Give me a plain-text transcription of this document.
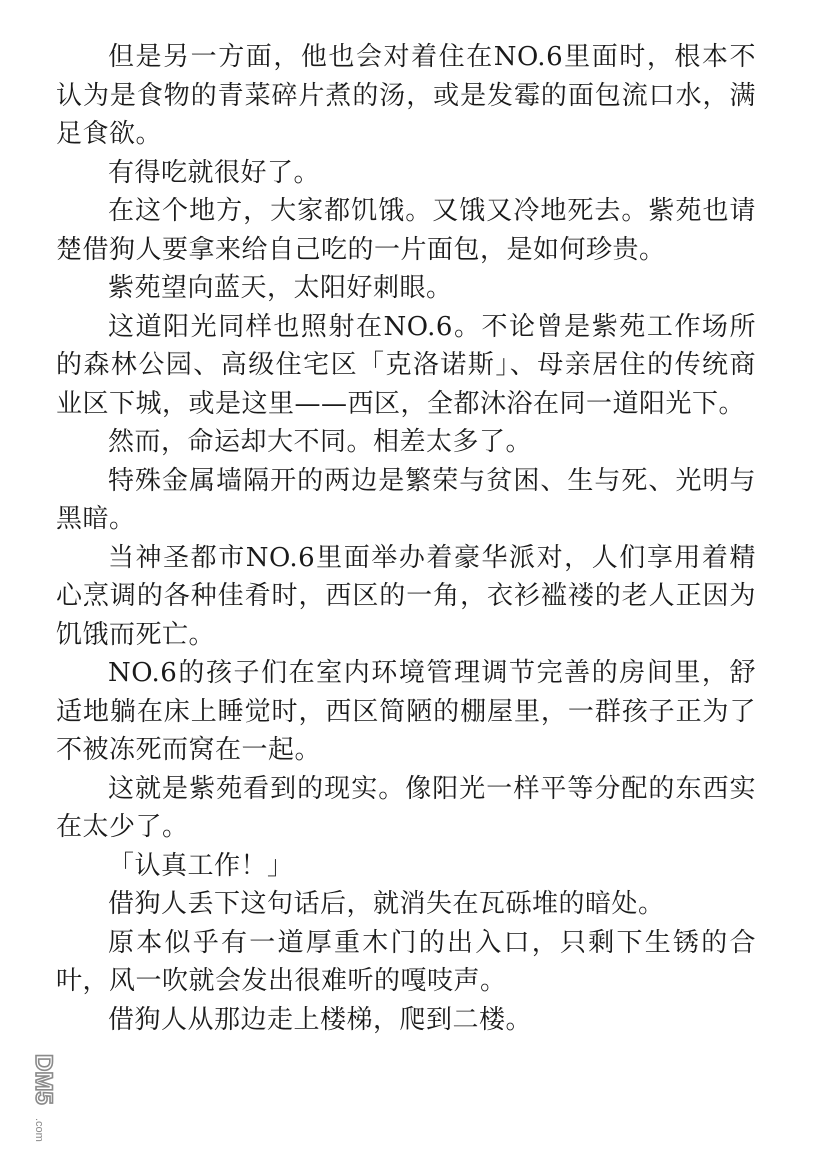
但是另一方面，他也会对着住在NO.6里面时，根本不认为是食物的青菜碎片煮的汤，或是发霉的面包流口水，满足食欲。

有得吃就很好了。

在这个地方，大家都饥饿。又饿又冷地死去。紫苑也请楚借狗人要拿来给自己吃的一片面包，是如何珍贵。

紫苑望向蓝天，太阳好刺眼。

这道阳光同样也照射在NO.6。不论曾是紫苑工作场所的森林公园、高级住宅区「克洛诺斯」、母亲居住的传统商业区下城，或是这里——西区，全都沐浴在同一道阳光下。

然而，命运却大不同。相差太多了。

特殊金属墙隔开的两边是繁荣与贫困、生与死、光明与黑暗。

当神圣都市NO.6里面举办着豪华派对，人们享用着精心烹调的各种佳肴时，西区的一角，衣衫褴褛的老人正因为饥饿而死亡。

NO.6的孩子们在室内环境管理调节完善的房间里，舒适地躺在床上睡觉时，西区简陋的棚屋里，一群孩子正为了不被冻死而窝在一起。

这就是紫苑看到的现实。像阳光一样平等分配的东西实在太少了。

「认真工作！」

借狗人丢下这句话后，就消失在瓦砾堆的暗处。

原本似乎有一道厚重木门的出入口，只剩下生锈的合叶，风一吹就会发出很难听的嘎吱声。

借狗人从那边走上楼梯，爬到二楼。

DM5
.com
